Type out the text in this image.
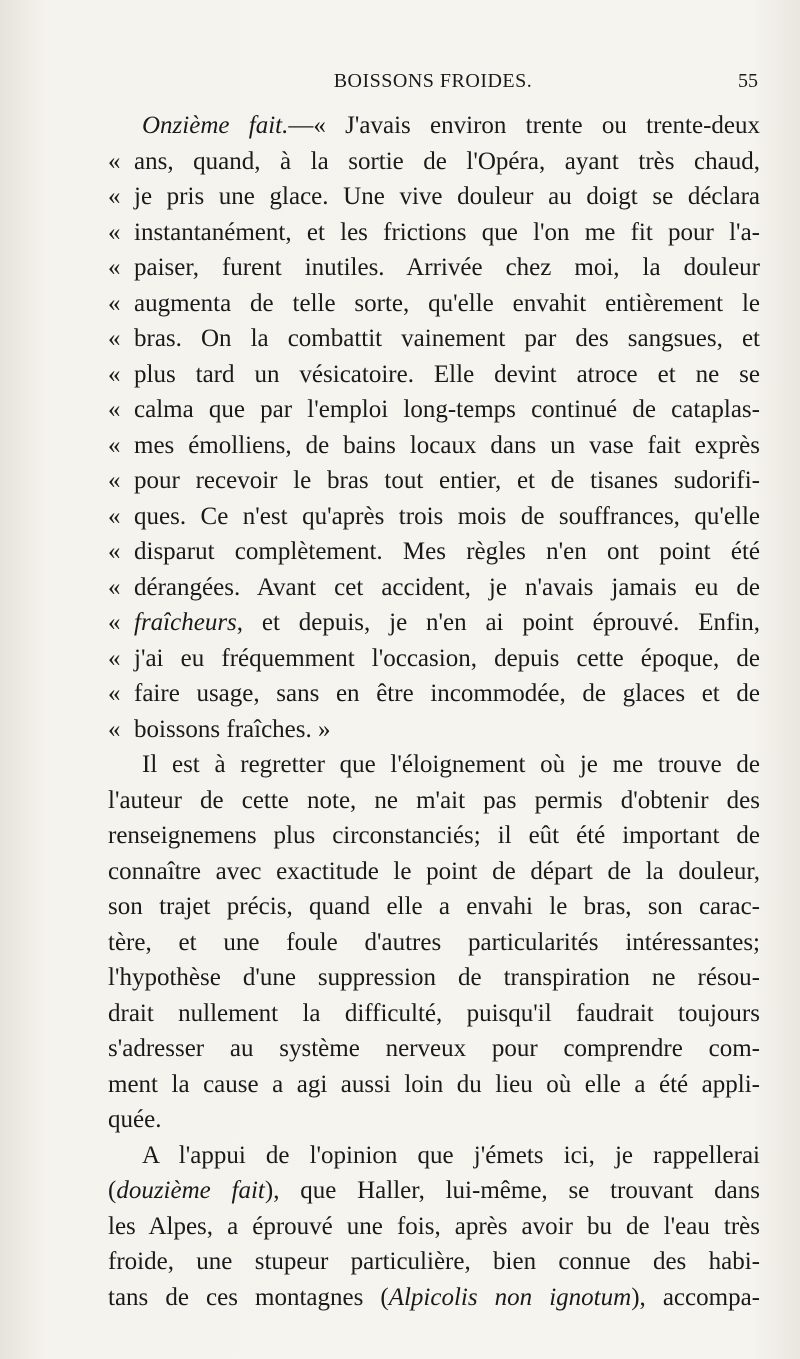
BOISSONS FROIDES.	55
Onzième fait.—« J'avais environ trente ou trente-deux
« ans, quand, à la sortie de l'Opéra, ayant très chaud,
« je pris une glace. Une vive douleur au doigt se déclara
« instantanément, et les frictions que l'on me fit pour l'a-
« paiser, furent inutiles. Arrivée chez moi, la douleur
« augmenta de telle sorte, qu'elle envahit entièrement le
« bras. On la combattit vainement par des sangsues, et
« plus tard un vésicatoire. Elle devint atroce et ne se
« calma que par l'emploi long-temps continué de cataplas-
« mes émolliens, de bains locaux dans un vase fait exprès
« pour recevoir le bras tout entier, et de tisanes sudorifi-
« ques. Ce n'est qu'après trois mois de souffrances, qu'elle
« disparut complètement. Mes règles n'en ont point été
« dérangées. Avant cet accident, je n'avais jamais eu de
« fraîcheurs, et depuis, je n'en ai point éprouvé. Enfin,
« j'ai eu fréquemment l'occasion, depuis cette époque, de
« faire usage, sans en être incommodée, de glaces et de
« boissons fraîches. »
Il est à regretter que l'éloignement où je me trouve de
l'auteur de cette note, ne m'ait pas permis d'obtenir des
renseignemens plus circonstanciés; il eût été important de
connaître avec exactitude le point de départ de la douleur,
son trajet précis, quand elle a envahi le bras, son carac-
tère, et une foule d'autres particularités intéressantes;
l'hypothèse d'une suppression de transpiration ne résou-
drait nullement la difficulté, puisqu'il faudrait toujours
s'adresser au système nerveux pour comprendre com-
ment la cause a agi aussi loin du lieu où elle a été appli-
quée.
A l'appui de l'opinion que j'émets ici, je rappellerai
(douzième fait), que Haller, lui-même, se trouvant dans
les Alpes, a éprouvé une fois, après avoir bu de l'eau très
froide, une stupeur particulière, bien connue des habi-
tans de ces montagnes (Alpicolis non ignotum), accompa-
